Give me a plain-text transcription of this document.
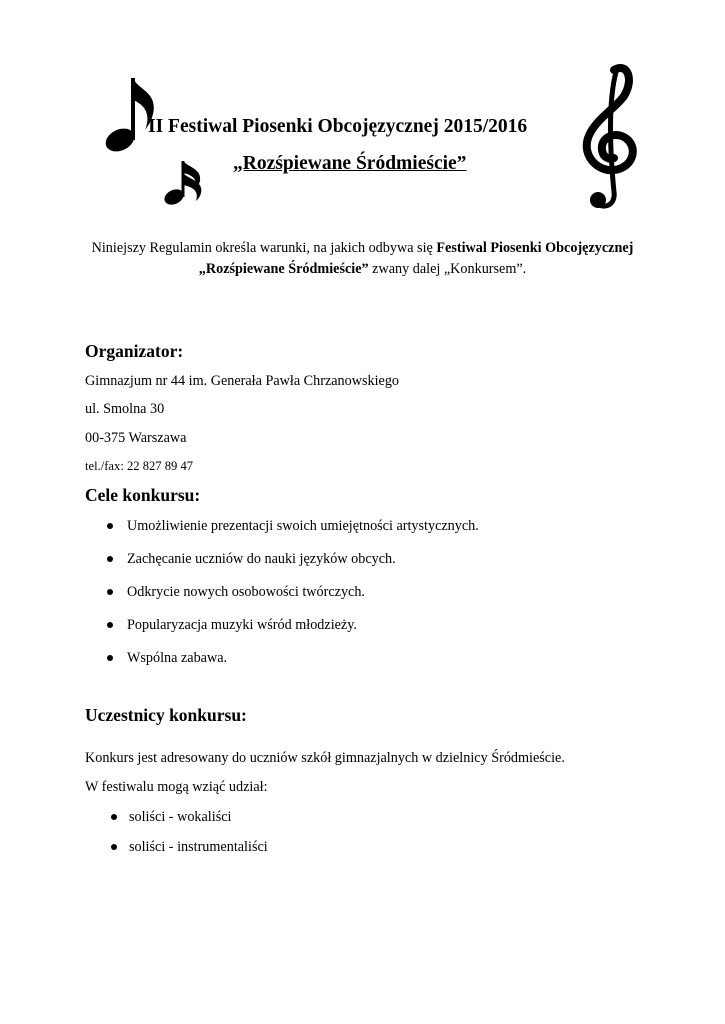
II Festiwal Piosenki Obcojęzycznej 2015/2016
„Rozśpiewane Śródmieście”
Niniejszy Regulamin określa warunki, na jakich odbywa się Festiwal Piosenki Obcojęzycznej „Rozśpiewane Śródmieście” zwany dalej „Konkursem”.
Organizator:
Gimnazjum nr 44 im. Generała Pawła Chrzanowskiego
ul. Smolna 30
00-375 Warszawa
tel./fax: 22 827 89 47
Cele konkursu:
Umożliwienie prezentacji swoich umiejętności artystycznych.
Zachęcanie uczniów do nauki języków obcych.
Odkrycie nowych osobowości twórczych.
Popularyzacja muzyki wśród młodzieży.
Wspólna zabawa.
Uczestnicy konkursu:
Konkurs jest adresowany do uczniów szkół gimnazjalnych w dzielnicy Śródmieście.
W festiwalu mogą wziąć udział:
soliści - wokaliści
soliści - instrumentaliści
